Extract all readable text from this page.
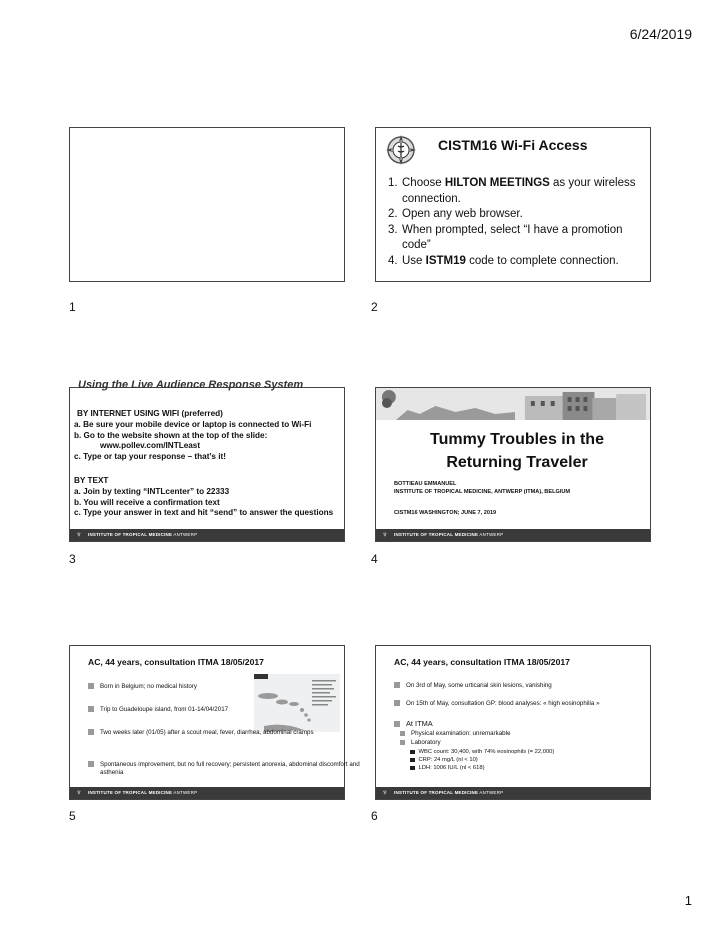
6/24/2019
1
CISTM16 Wi-Fi Access
1. Choose HILTON MEETINGS as your wireless connection.
2. Open any web browser.
3. When prompted, select “I have a promotion code”
4. Use ISTM19 code to complete connection.
2
Using the Live Audience Response System
BY INTERNET USING WIFI (preferred)
a. Be sure your mobile device or laptop is connected to Wi-Fi
b. Go to the website shown at the top of the slide:
www.pollev.com/INTLeast
c. Type or tap your response – that’s it!
BY TEXT
a. Join by texting “INTLcenter” to 22333
b. You will receive a confirmation text
c. Type your answer in text and hit “send” to answer the questions
♆	INSTITUTE OF TROPICAL MEDICINE ANTWERP
3
Tummy Troubles in the Returning Traveler
BOTTIEAU EMMANUEL
INSTITUTE OF TROPICAL MEDICINE, ANTWERP (ITMA), BELGIUM
CISTM16 WASHINGTON; JUNE 7, 2019
♆	INSTITUTE OF TROPICAL MEDICINE ANTWERP
4
AC, 44 years, consultation ITMA 18/05/2017
Born in Belgium; no medical history
Trip to Guadeloupe island, from 01-14/04/2017
Two weeks later (01/05) after a scout meal, fever, diarrhea, abdominal cramps
Spontaneous improvement, but no full recovery; persistent anorexia, abdominal discomfort and asthenia
♆	INSTITUTE OF TROPICAL MEDICINE ANTWERP
5
AC, 44 years, consultation ITMA 18/05/2017
On 3rd of May, some urticarial skin lesions, vanishing
On 15th of May, consultation GP: blood analyses: « high eosinophilia »
At ITMA
Physical examination: unremarkable
Laboratory
WBC count: 30,400, with 74% eosinophils (= 22,000)
CRP: 24 mg/L (nl < 10)
LDH: 1006 IU/L (nl < 618)
♆	INSTITUTE OF TROPICAL MEDICINE ANTWERP
6
1
